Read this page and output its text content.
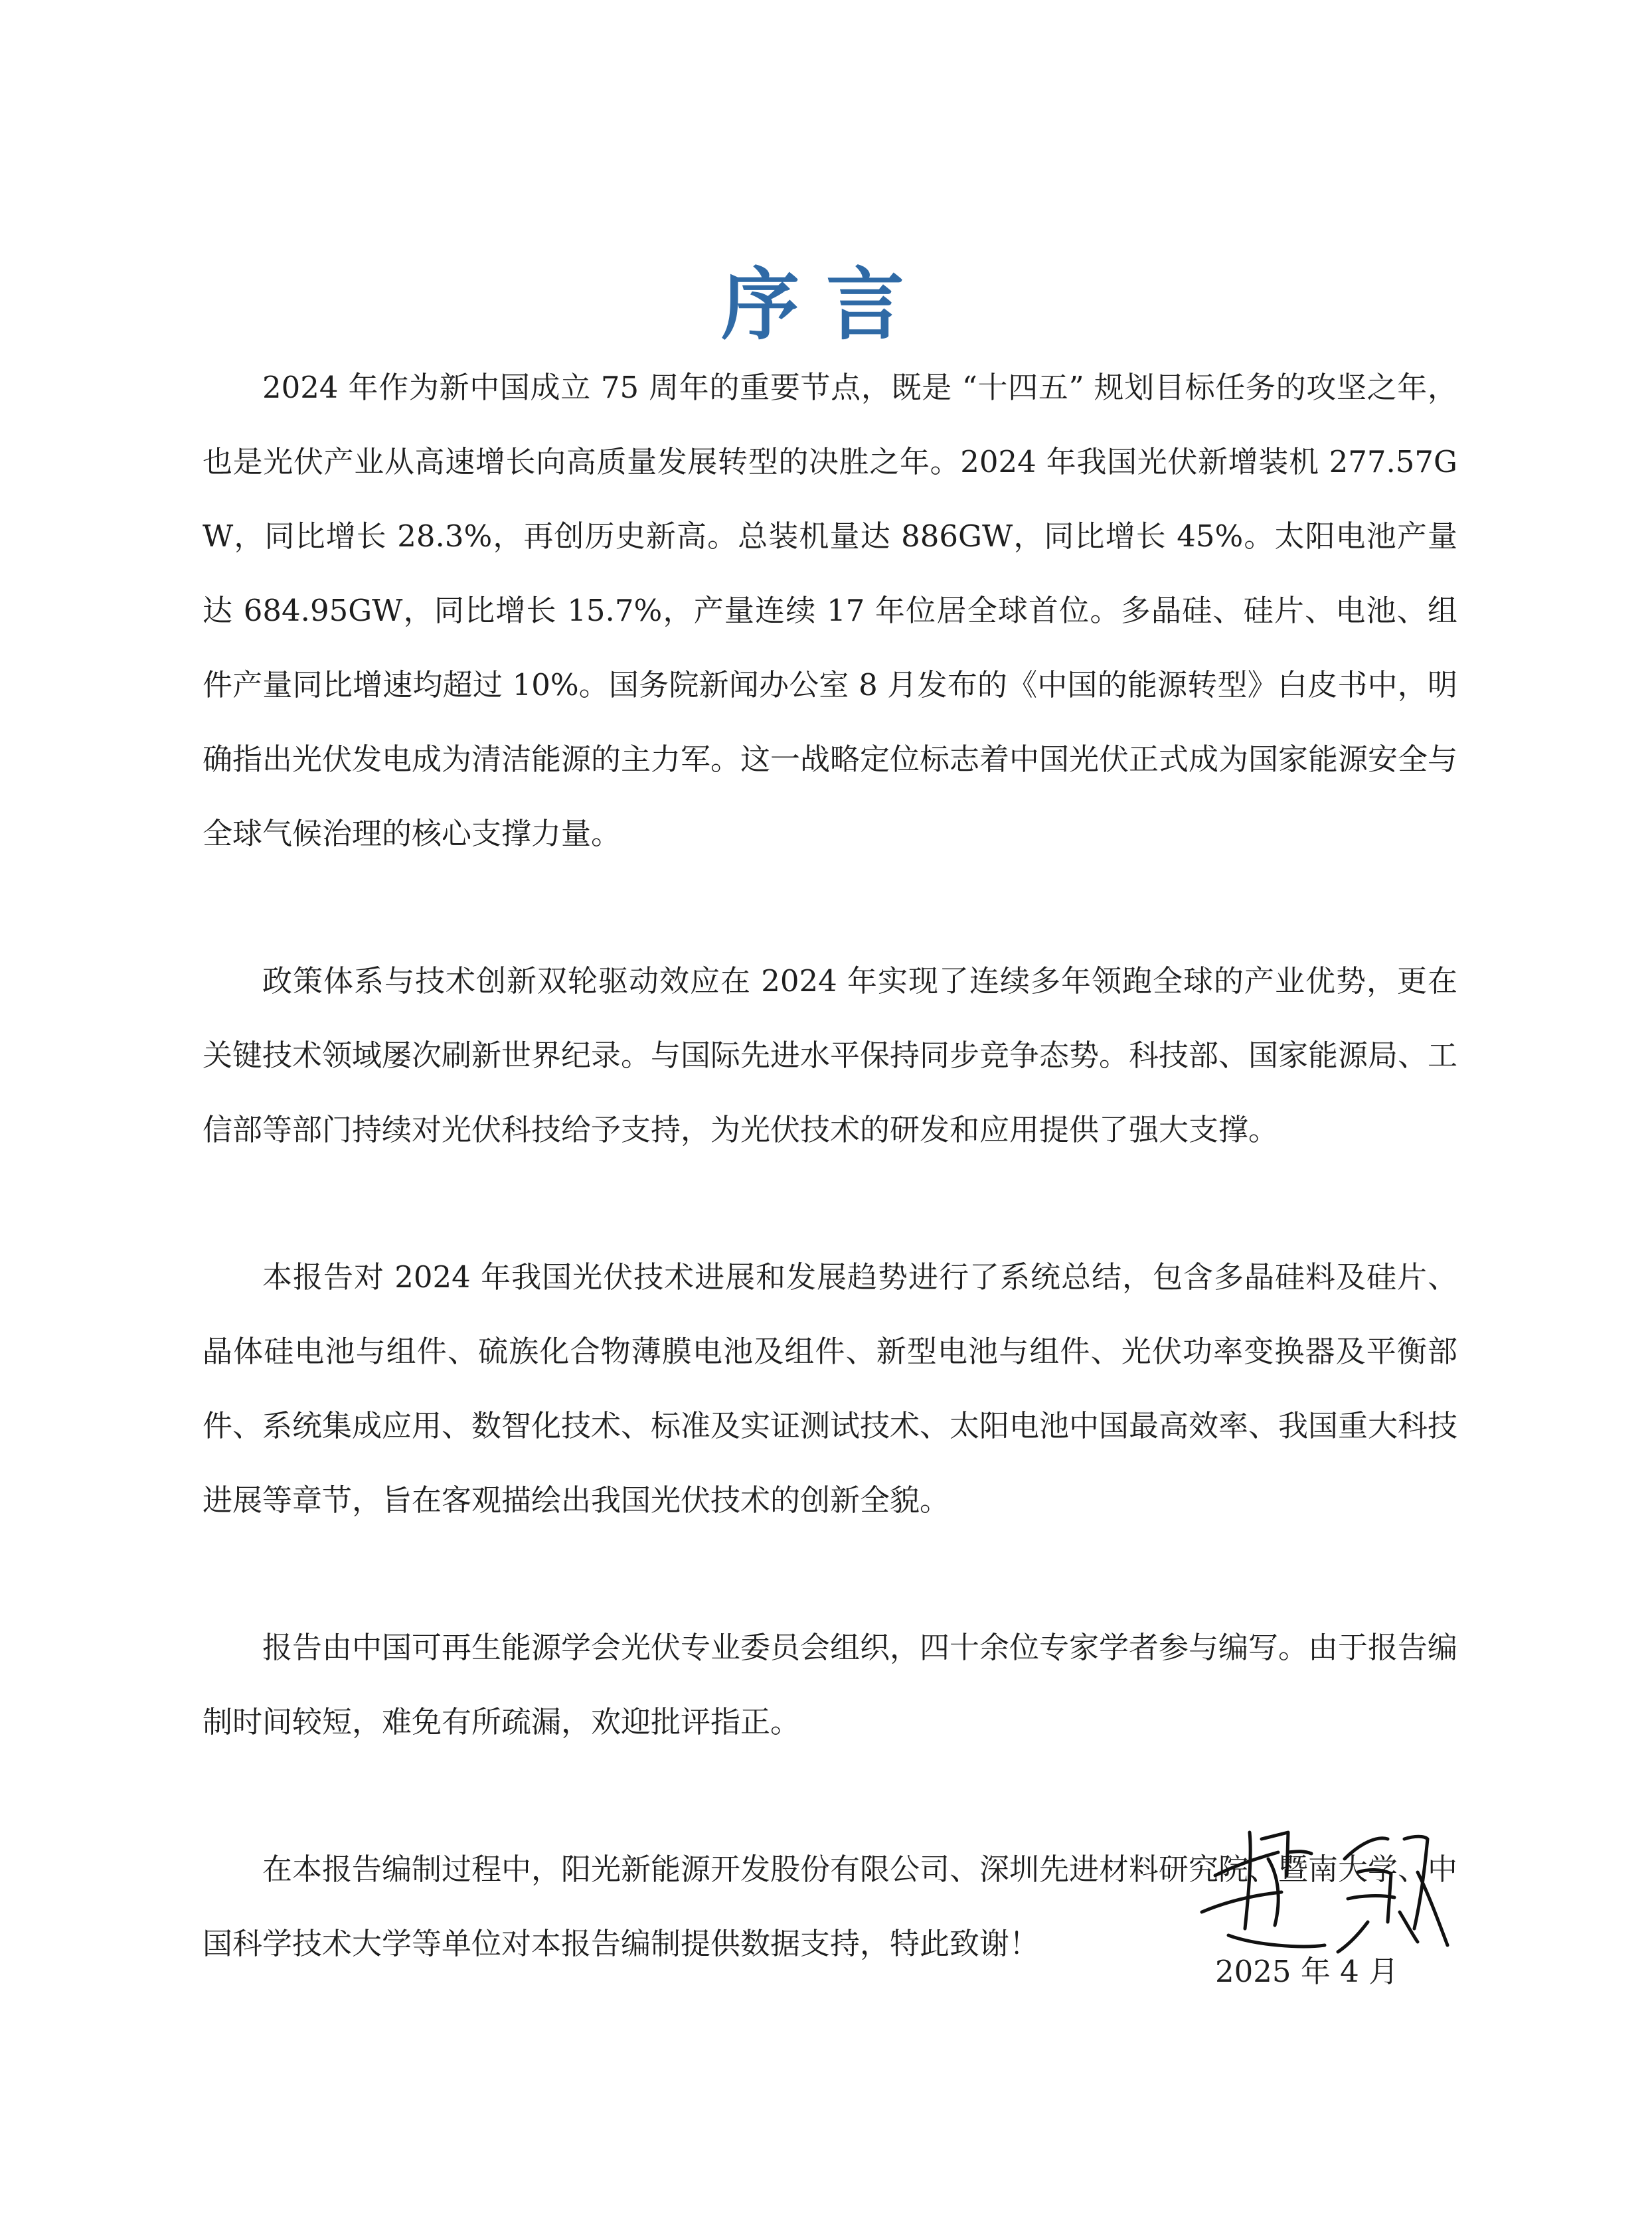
序言

2024 年作为新中国成立 75 周年的重要节点，既是 “十四五” 规划目标任务的攻坚之年，也是光伏产业从高速增长向高质量发展转型的决胜之年。2024 年我国光伏新增装机 277.57GW，同比增长 28.3%，再创历史新高。总装机量达 886GW，同比增长 45%。太阳电池产量达 684.95GW，同比增长 15.7%，产量连续 17 年位居全球首位。多晶硅、硅片、电池、组件产量同比增速均超过 10%。国务院新闻办公室 8 月发布的《中国的能源转型》白皮书中，明确指出光伏发电成为清洁能源的主力军。这一战略定位标志着中国光伏正式成为国家能源安全与全球气候治理的核心支撑力量。

政策体系与技术创新双轮驱动效应在 2024 年实现了连续多年领跑全球的产业优势，更在关键技术领域屡次刷新世界纪录。与国际先进水平保持同步竞争态势。科技部、国家能源局、工信部等部门持续对光伏科技给予支持，为光伏技术的研发和应用提供了强大支撑。

本报告对 2024 年我国光伏技术进展和发展趋势进行了系统总结，包含多晶硅料及硅片、晶体硅电池与组件、硫族化合物薄膜电池及组件、新型电池与组件、光伏功率变换器及平衡部件、系统集成应用、数智化技术、标准及实证测试技术、太阳电池中国最高效率、我国重大科技进展等章节，旨在客观描绘出我国光伏技术的创新全貌。

报告由中国可再生能源学会光伏专业委员会组织，四十余位专家学者参与编写。由于报告编制时间较短，难免有所疏漏，欢迎批评指正。

在本报告编制过程中，阳光新能源开发股份有限公司、深圳先进材料研究院、暨南大学、中国科学技术大学等单位对本报告编制提供数据支持，特此致谢！

2025 年 4 月
